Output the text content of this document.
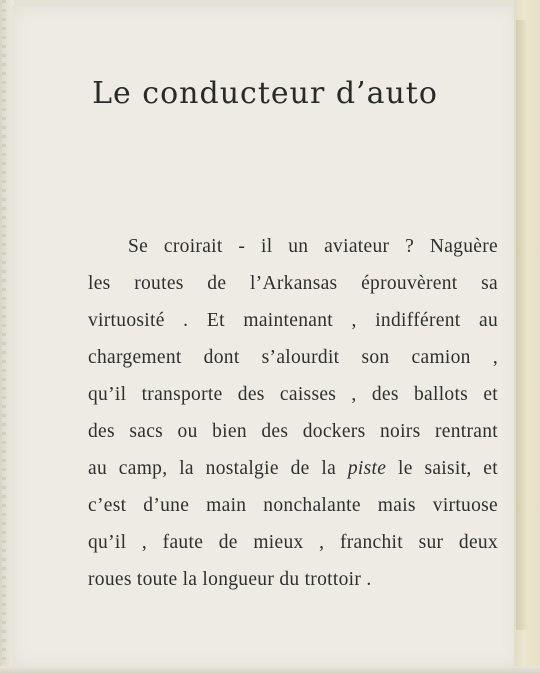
Le conducteur d’auto
Se croirait - il un aviateur ? Naguère
les routes de l’Arkansas éprouvèrent sa
virtuosité . Et maintenant , indifférent au
chargement dont s’alourdit son camion ,
qu’il transporte des caisses , des ballots et
des sacs ou bien des dockers noirs rentrant
au camp, la nostalgie de la piste le saisit, et
c’est d’une main nonchalante mais virtuose
qu’il , faute de mieux , franchit sur deux
roues toute la longueur du trottoir .
